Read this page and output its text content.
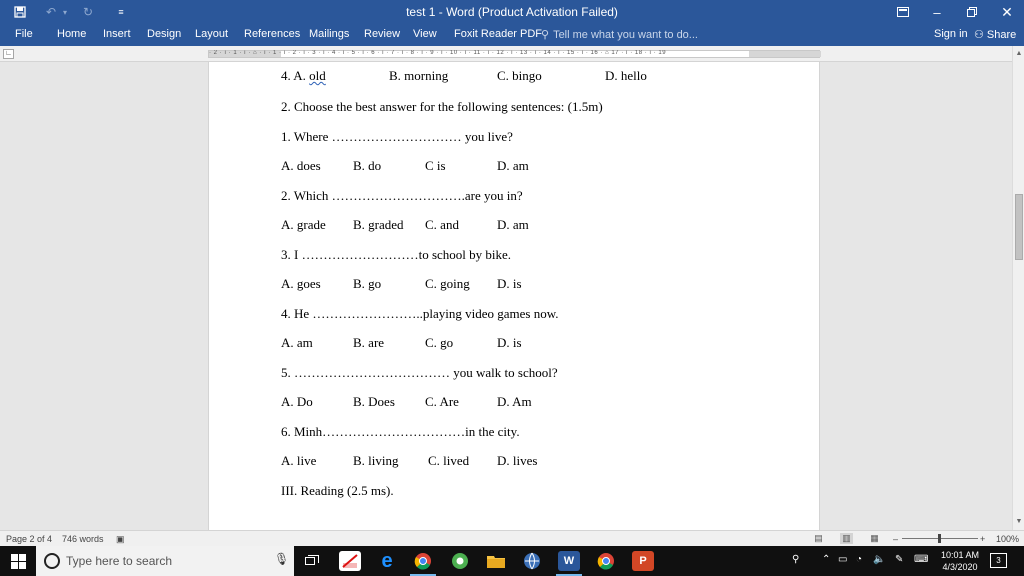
↶ ▾	↻	≡	test 1 - Word (Product Activation Failed)	–	✕
File Home Insert Design Layout References Mailings Review View Foxit Reader PDF
⚲ Tell me what you want to do...	Sign in ⚇ Share
∟	· 2 · ı · 1 · ı · ⌂ · ı · 1 · ı · 2 · ı · 3 · ı · 4 · ı · 5 · ı · 6 · ı · 7 · ı · 8 · ı · 9 · ı · 10 · ı · 11 · ı · 12 · ı · 13 · ı · 14 · ı · 15 · ı · 16 · ⌂ 17 · ı · 18 · ı · 19
4. A. old	B. morning	C. bingo	D. hello
2. Choose the best answer for the following sentences: (1.5m)
1. Where ………………………… you live?
A. does B. do	C is	D. am
2. Which ………………………….are you in?
A. grade B. graded C. and	D. am
3. I ………………………to school by bike.
A. goes B. go	C. going D. is
4. He ……………………..playing video games now.
A. am	B. are	C. go	D. is
5. ……………………………… you walk to school?
A. Do	B. Does C. Are	D. Am
6. Minh……………………………in the city.
A. live	B. living C. lived D. lives
III. Reading (2.5 ms).
▲
▼
Page 2 of 4 746 words ▣	▤ ▥ ▦ –	+ 100%
Type here to search	🎙	e	W	P	⚲ ⌃ ▭ ◔ 🔈 ✎ ⌨	10:01 AM
4/3/2020
3
